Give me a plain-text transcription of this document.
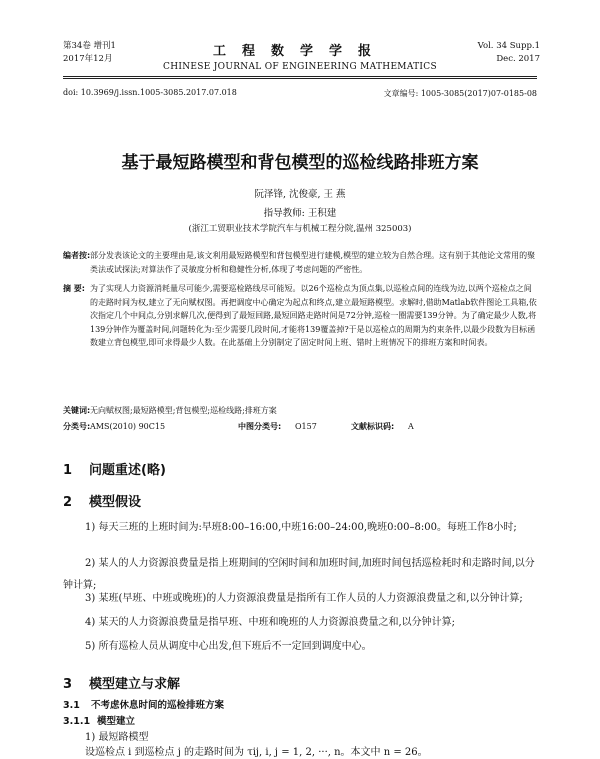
第34卷 增刊1
2017年12月	工程数学学报
CHINESE JOURNAL OF ENGINEERING MATHEMATICS
Vol. 34 Supp.1
Dec. 2017
doi: 10.3969/j.issn.1005-3085.2017.07.018	文章编号: 1005-3085(2017)07-0185-08
基于最短路模型和背包模型的巡检线路排班方案
阮泽锋, 沈俊豪, 王 燕
指导教师: 王积建
(浙江工贸职业技术学院汽车与机械工程分院,温州 325003)
编者按: 部分发表该论文的主要理由是,该文利用最短路模型和背包模型进行建模,模型的建立较为自然合理。这有别于其他论文常用的聚类法或试探法;对算法作了灵敏度分析和稳健性分析,体现了考虑问题的严密性。
摘 要: 为了实现人力资源消耗量尽可能少,需要巡检路线尽可能短。以26个巡检点为顶点集,以巡检点间的连线为边,以两个巡检点之间的走路时间为权,建立了无向赋权图。再把调度中心确定为起点和终点,建立最短路模型。求解时,借助Matlab软件图论工具箱,依次指定几个中间点,分别求解几次,便得到了最短回路,最短回路走路时间是72分钟,巡检一圈需要139分钟。为了确定最少人数,将139分钟作为覆盖时间,问题转化为:至少需要几段时间,才能将139覆盖掉?于是以巡检点的周期为约束条件,以最少段数为目标函数建立背包模型,即可求得最少人数。在此基础上分别制定了固定时间上班、错时上班情况下的排班方案和时间表。
关键词: 无向赋权图;最短路模型;背包模型;巡检线路;排班方案
分类号: AMS(2010) 90C15	中图分类号: O157	文献标识码: A
1 问题重述(略)
2 模型假设
1) 每天三班的上班时间为:早班8:00–16:00,中班16:00–24:00,晚班0:00–8:00。每班工作8小时;
2) 某人的人力资源浪费量是指上班期间的空闲时间和加班时间,加班时间包括巡检耗时和走路时间,以分钟计算;
3) 某班(早班、中班或晚班)的人力资源浪费量是指所有工作人员的人力资源浪费量之和,以分钟计算;
4) 某天的人力资源浪费量是指早班、中班和晚班的人力资源浪费量之和,以分钟计算;
5) 所有巡检人员从调度中心出发,但下班后不一定回到调度中心。
3 模型建立与求解
3.1 不考虑休息时间的巡检排班方案
3.1.1 模型建立
1) 最短路模型
设巡检点 i 到巡检点 j 的走路时间为 τij, i, j = 1, 2, ···, n。本文中 n = 26。
